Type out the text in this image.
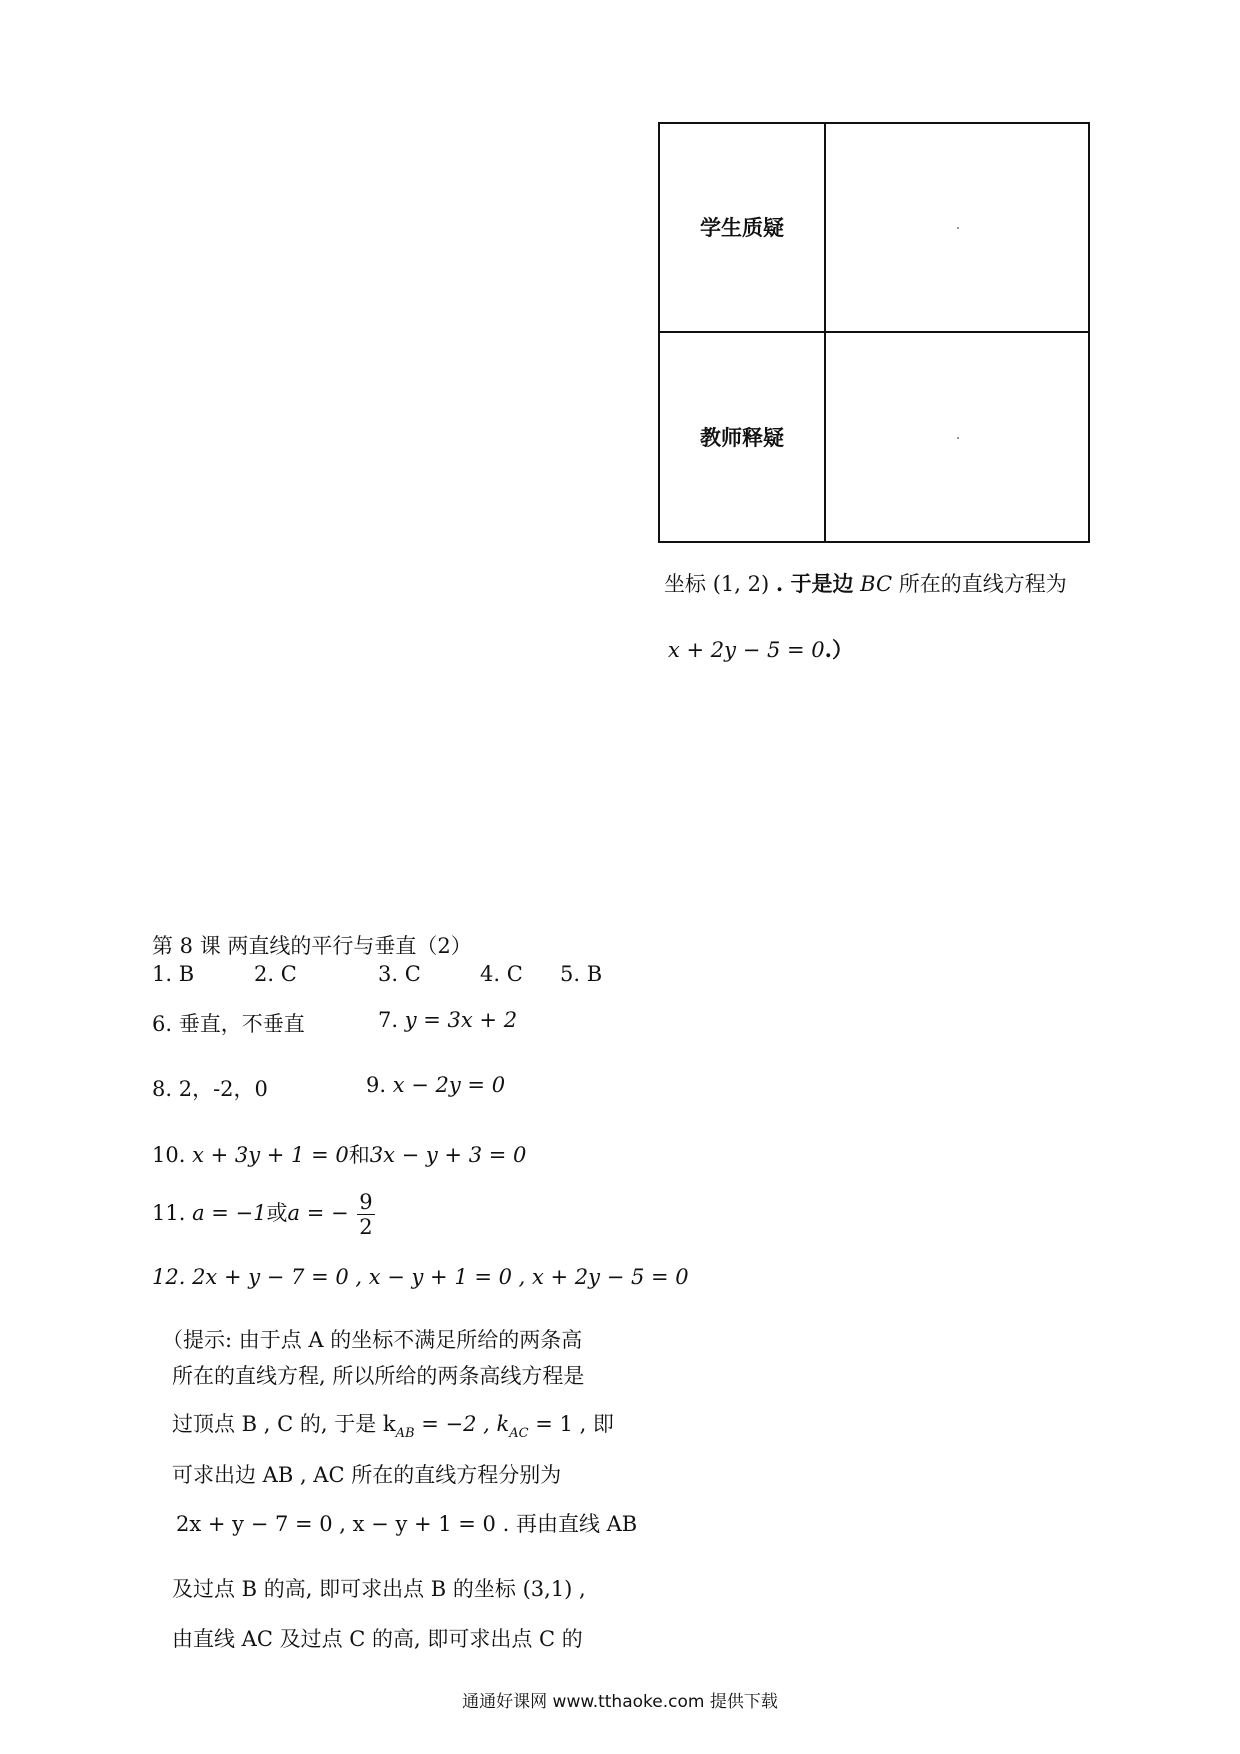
学生质疑
教师释疑
坐标 (1, 2) . 于是边 BC 所在的直线方程为
x + 2y − 5 = 0.）
第 8 课 两直线的平行与垂直（2）
1. B	2. C	3. C	4. C 5. B
6. 垂直，不垂直	7. y = 3x + 2
8. 2，-2，0	9. x − 2y = 0
10. x + 3y + 1 = 0和3x − y + 3 = 0
11. a = −1或a = − $\frac{9}{2}$
12. 2x + y − 7 = 0 , x − y + 1 = 0 , x + 2y − 5 = 0
（提示: 由于点 A 的坐标不满足所给的两条高
所在的直线方程, 所以所给的两条高线方程是
过顶点 B , C 的, 于是 $k_{AB} = -2$ , $k_{AC} = 1$ , 即
可求出边 AB , AC 所在的直线方程分别为
2x + y − 7 = 0 , x − y + 1 = 0 . 再由直线 AB
及过点 B 的高, 即可求出点 B 的坐标 (3,1) ,
由直线 AC 及过点 C 的高, 即可求出点 C 的
通通好课网 www.tthaoke.com 提供下载
